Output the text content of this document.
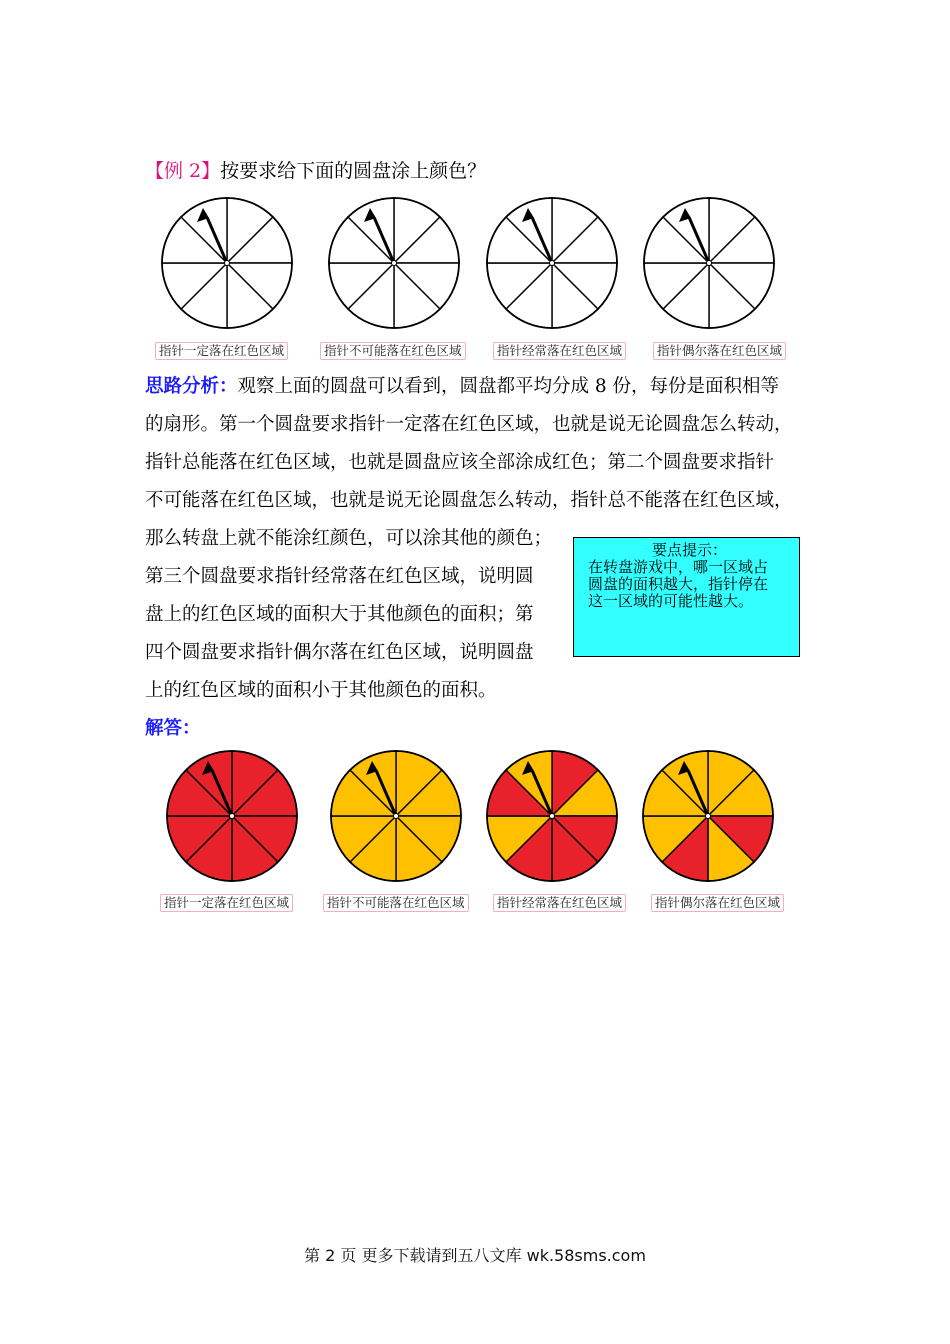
【例 2】按要求给下面的圆盘涂上颜色？
指针一定落在红色区域	指针不可能落在红色区域	指针经常落在红色区域	指针偶尔落在红色区域
思路分析：观察上面的圆盘可以看到，圆盘都平均分成 8 份，每份是面积相等
的扇形。第一个圆盘要求指针一定落在红色区域，也就是说无论圆盘怎么转动，
指针总能落在红色区域，也就是圆盘应该全部涂成红色；第二个圆盘要求指针
不可能落在红色区域，也就是说无论圆盘怎么转动，指针总不能落在红色区域，
那么转盘上就不能涂红颜色，可以涂其他的颜色；
第三个圆盘要求指针经常落在红色区域，说明圆
盘上的红色区域的面积大于其他颜色的面积；第
四个圆盘要求指针偶尔落在红色区域，说明圆盘
上的红色区域的面积小于其他颜色的面积。
要点提示：
在转盘游戏中，哪一区域占
圆盘的面积越大，指针停在
这一区域的可能性越大。
解答：
指针一定落在红色区域	指针不可能落在红色区域	指针经常落在红色区域	指针偶尔落在红色区域
第 2 页 更多下载请到五八文库 wk.58sms.com
